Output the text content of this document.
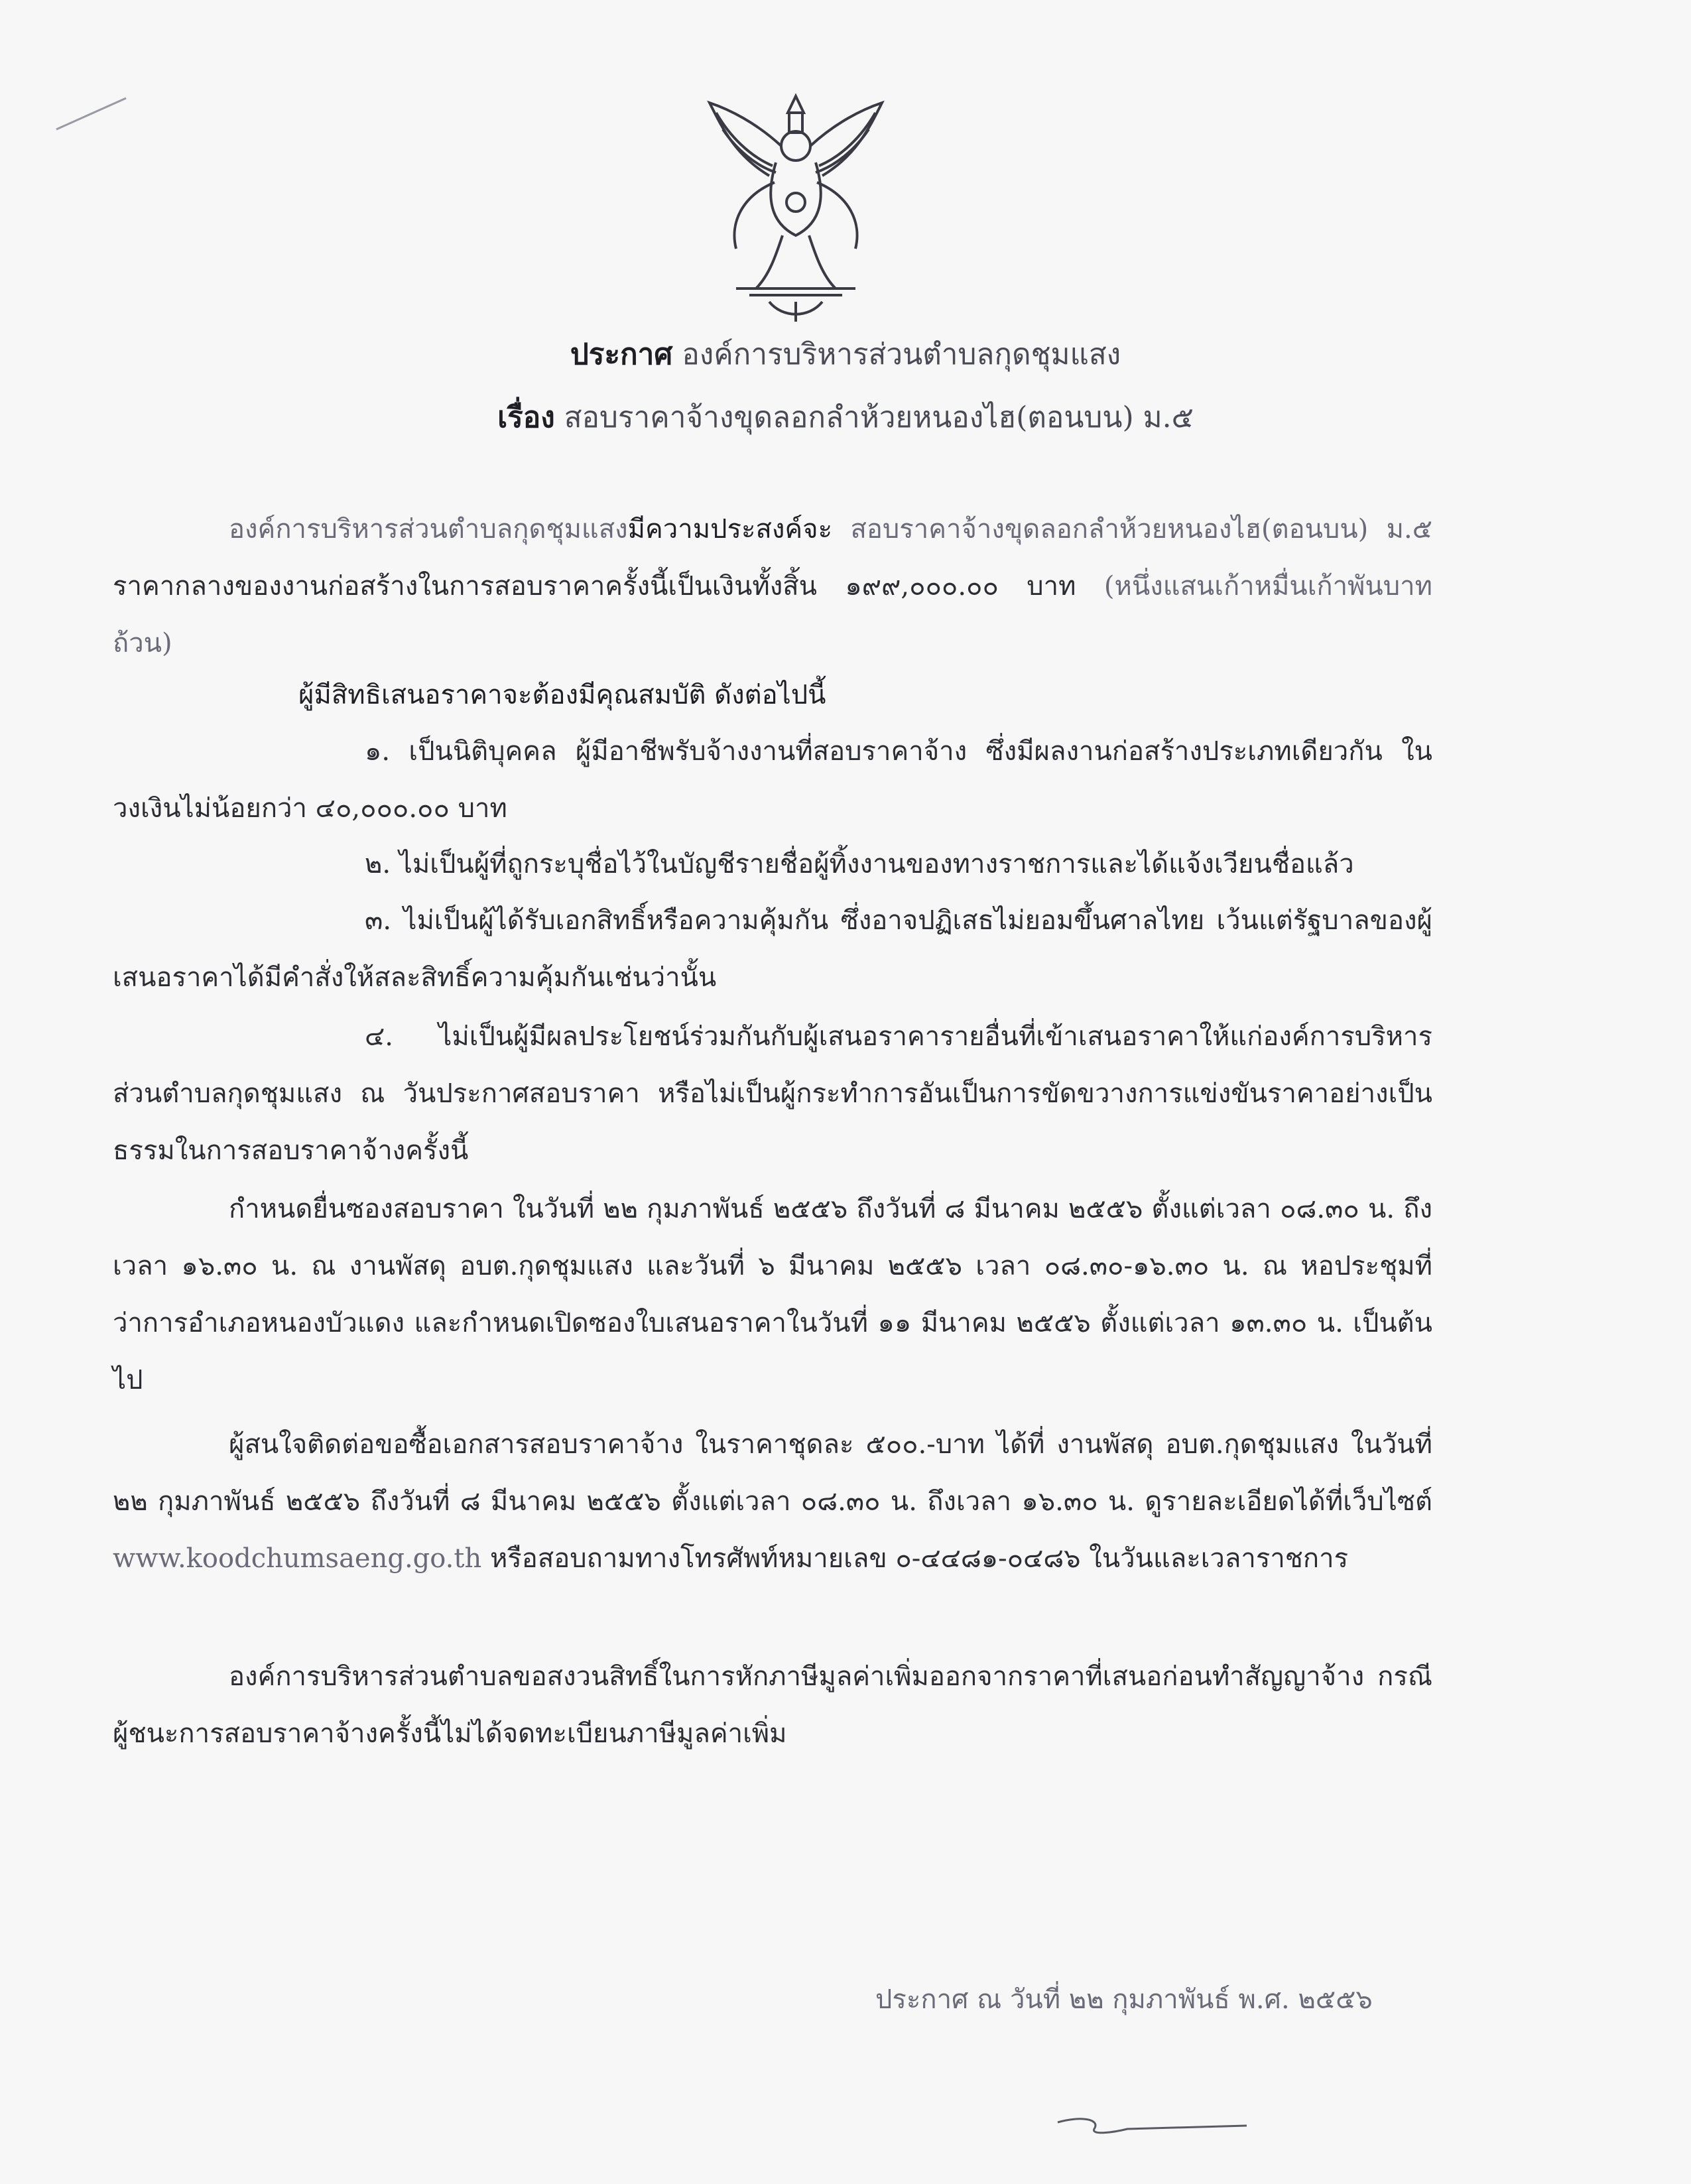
ประกาศ องค์การบริหารส่วนตำบลกุดชุมแสง
เรื่อง สอบราคาจ้างขุดลอกลำห้วยหนองไฮ(ตอนบน) ม.๕
องค์การบริหารส่วนตำบลกุดชุมแสงมีความประสงค์จะ สอบราคาจ้างขุดลอกลำห้วยหนองไฮ(ตอนบน) ม.๕ ราคากลางของงานก่อสร้างในการสอบราคาครั้งนี้เป็นเงินทั้งสิ้น ๑๙๙,๐๐๐.๐๐ บาท (หนึ่งแสนเก้าหมื่นเก้าพันบาทถ้วน)
ผู้มีสิทธิเสนอราคาจะต้องมีคุณสมบัติ ดังต่อไปนี้
๑. เป็นนิติบุคคล ผู้มีอาชีพรับจ้างงานที่สอบราคาจ้าง ซึ่งมีผลงานก่อสร้างประเภทเดียวกัน ในวงเงินไม่น้อยกว่า ๔๐,๐๐๐.๐๐ บาท
๒. ไม่เป็นผู้ที่ถูกระบุชื่อไว้ในบัญชีรายชื่อผู้ทิ้งงานของทางราชการและได้แจ้งเวียนชื่อแล้ว
๓. ไม่เป็นผู้ได้รับเอกสิทธิ์หรือความคุ้มกัน ซึ่งอาจปฏิเสธไม่ยอมขึ้นศาลไทย เว้นแต่รัฐบาลของผู้เสนอราคาได้มีคำสั่งให้สละสิทธิ์ความคุ้มกันเช่นว่านั้น
๔. ไม่เป็นผู้มีผลประโยชน์ร่วมกันกับผู้เสนอราคารายอื่นที่เข้าเสนอราคาให้แก่องค์การบริหารส่วนตำบลกุดชุมแสง ณ วันประกาศสอบราคา หรือไม่เป็นผู้กระทำการอันเป็นการขัดขวางการแข่งขันราคาอย่างเป็นธรรมในการสอบราคาจ้างครั้งนี้
กำหนดยื่นซองสอบราคา ในวันที่ ๒๒ กุมภาพันธ์ ๒๕๕๖ ถึงวันที่ ๘ มีนาคม ๒๕๕๖ ตั้งแต่เวลา ๐๘.๓๐ น. ถึงเวลา ๑๖.๓๐ น. ณ งานพัสดุ อบต.กุดชุมแสง และวันที่ ๖ มีนาคม ๒๕๕๖ เวลา ๐๘.๓๐-๑๖.๓๐ น. ณ หอประชุมที่ว่าการอำเภอหนองบัวแดง และกำหนดเปิดซองใบเสนอราคาในวันที่ ๑๑ มีนาคม ๒๕๕๖ ตั้งแต่เวลา ๑๓.๓๐ น. เป็นต้นไป
ผู้สนใจติดต่อขอซื้อเอกสารสอบราคาจ้าง ในราคาชุดละ ๕๐๐.-บาท ได้ที่ งานพัสดุ อบต.กุดชุมแสง ในวันที่ ๒๒ กุมภาพันธ์ ๒๕๕๖ ถึงวันที่ ๘ มีนาคม ๒๕๕๖ ตั้งแต่เวลา ๐๘.๓๐ น. ถึงเวลา ๑๖.๓๐ น. ดูรายละเอียดได้ที่เว็บไซต์ www.koodchumsaeng.go.th หรือสอบถามทางโทรศัพท์หมายเลข ๐-๔๔๘๑-๐๔๘๖ ในวันและเวลาราชการ
องค์การบริหารส่วนตำบลขอสงวนสิทธิ์ในการหักภาษีมูลค่าเพิ่มออกจากราคาที่เสนอก่อนทำสัญญาจ้าง กรณีผู้ชนะการสอบราคาจ้างครั้งนี้ไม่ได้จดทะเบียนภาษีมูลค่าเพิ่ม
ประกาศ ณ วันที่ ๒๒ กุมภาพันธ์ พ.ศ. ๒๕๕๖
